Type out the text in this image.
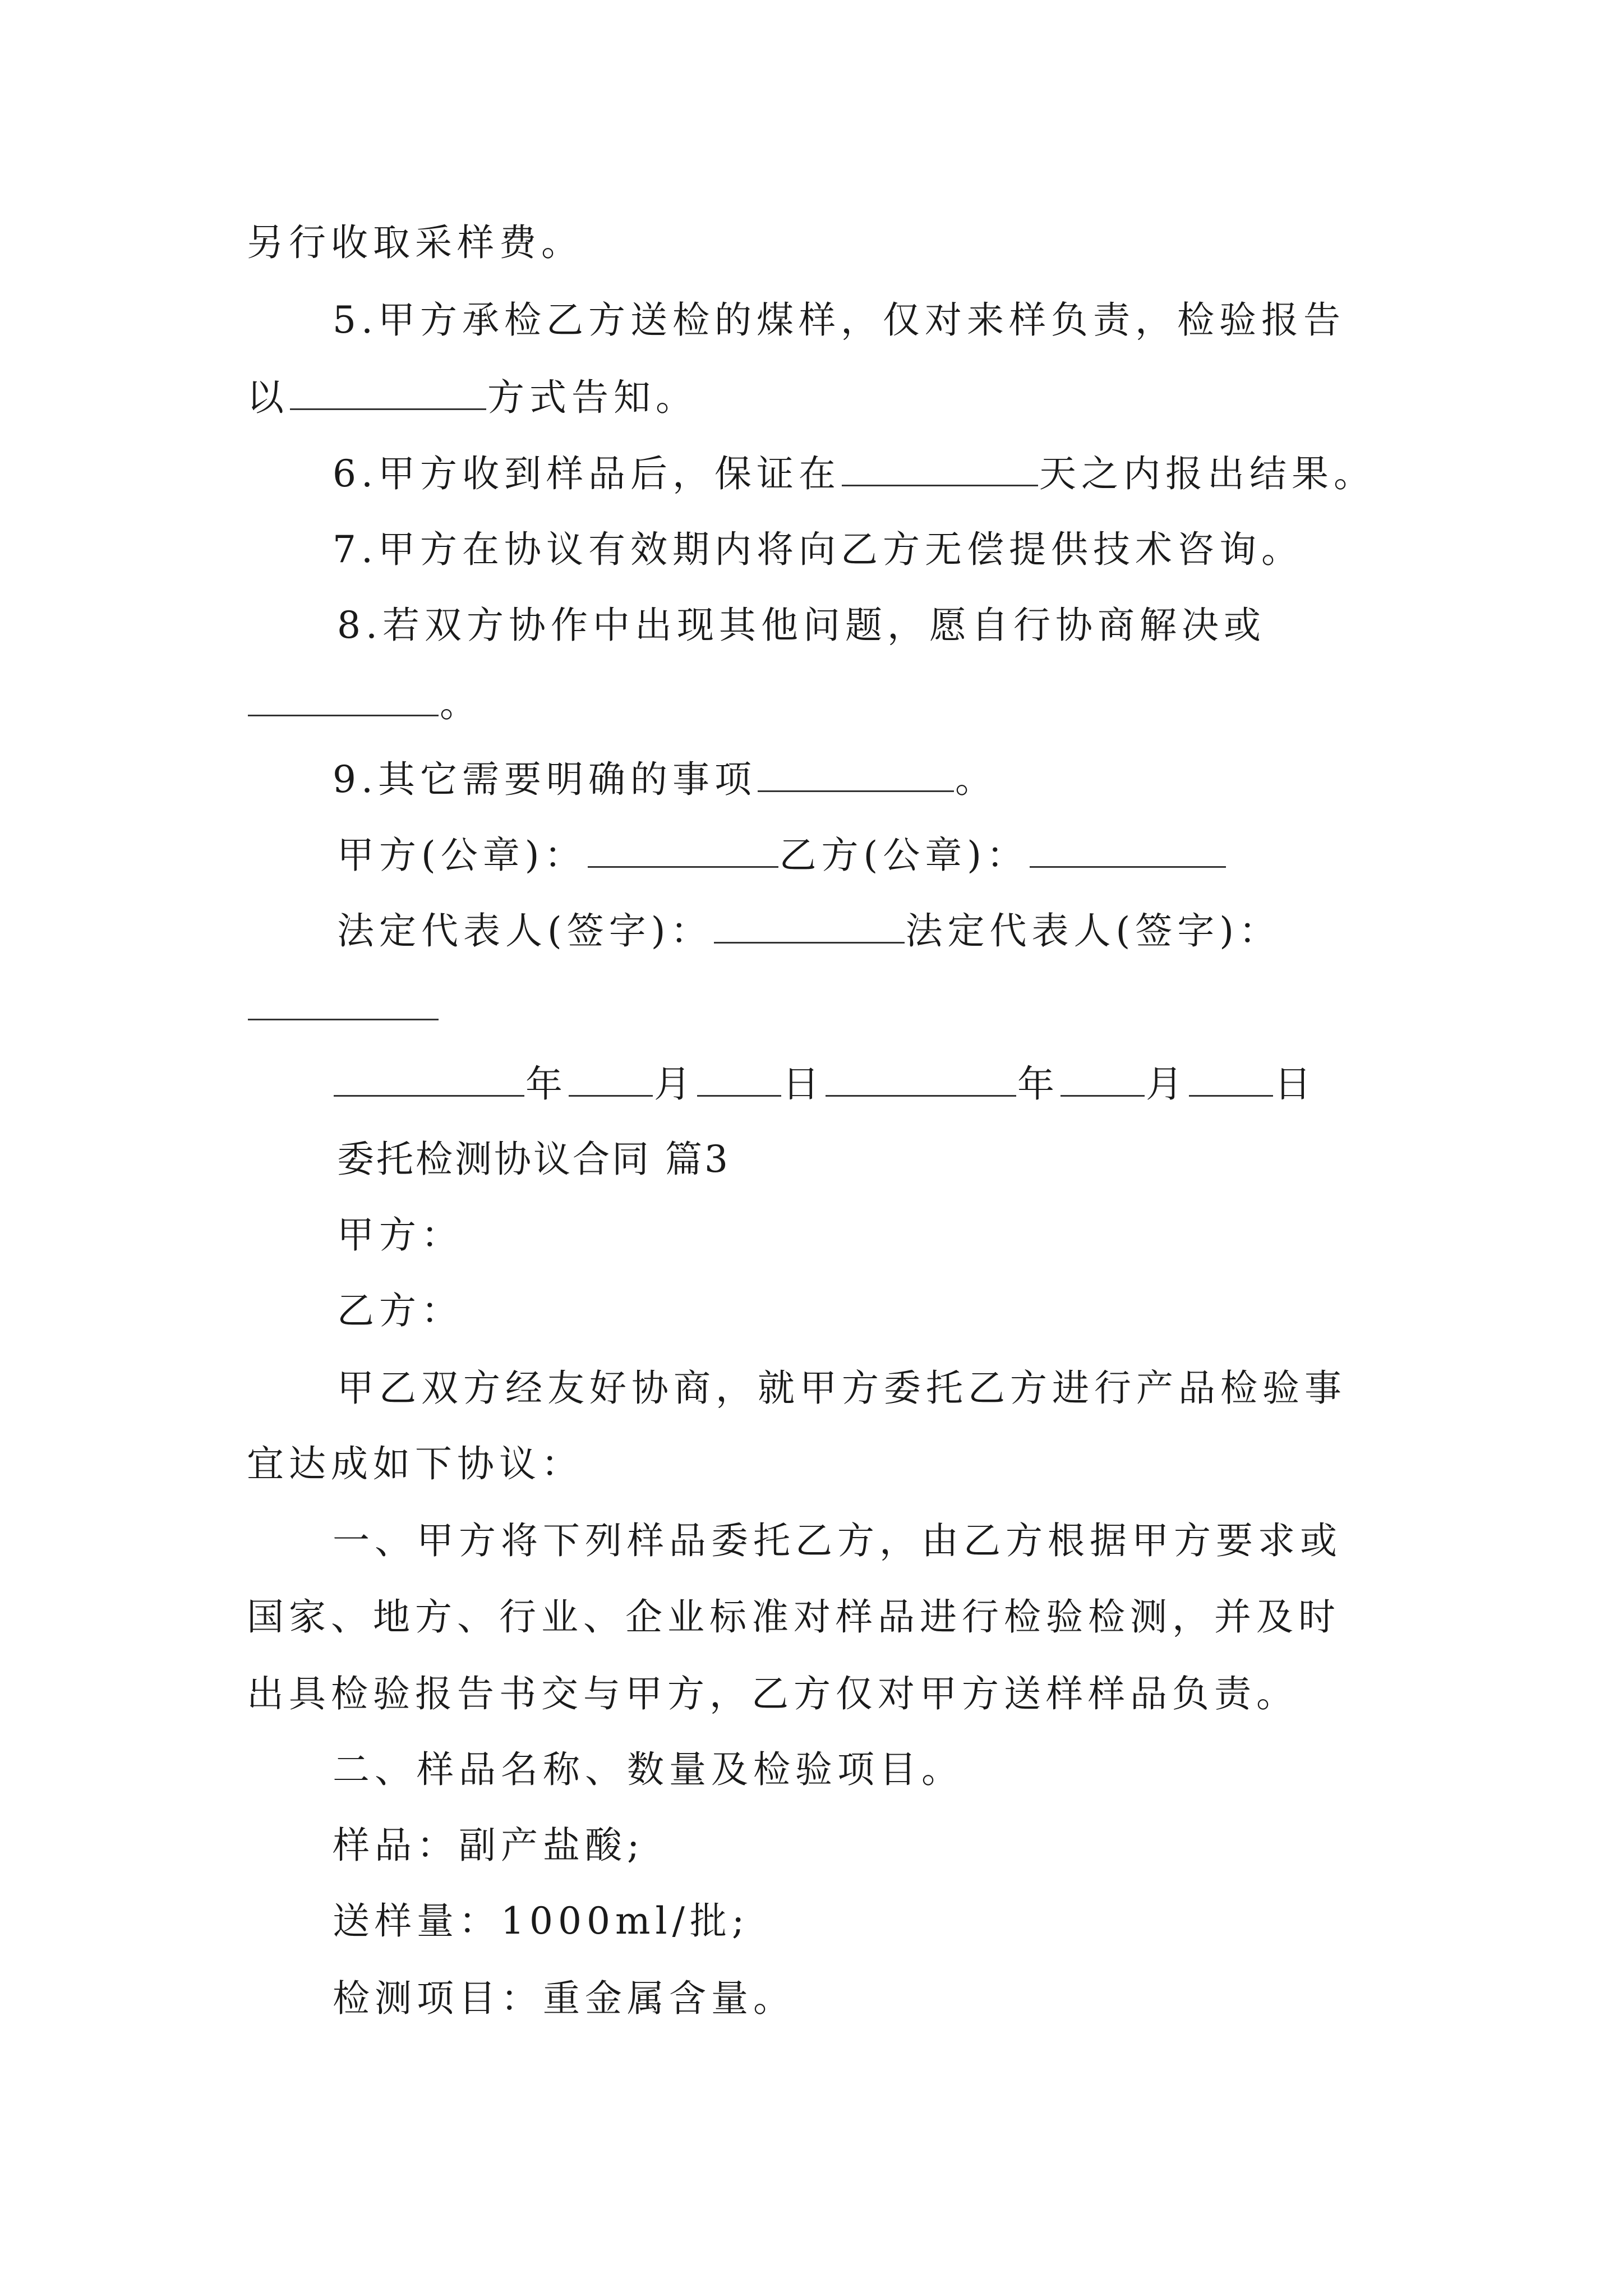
另行收取采样费。
5.甲方承检乙方送检的煤样，仅对来样负责，检验报告
以	方式告知。
6.甲方收到样品后，保证在	天之内报出结果。
7.甲方在协议有效期内将向乙方无偿提供技术咨询。
8.若双方协作中出现其他问题，愿自行协商解决或
。
9.其它需要明确的事项	。
甲方(公章)：	乙方(公章)：
法定代表人(签字)：	法定代表人(签字)：
年 月 日	年 月 日
委托检测协议合同 篇3
甲方：
乙方：
甲乙双方经友好协商，就甲方委托乙方进行产品检验事
宜达成如下协议：
一、甲方将下列样品委托乙方，由乙方根据甲方要求或
国家、地方、行业、企业标准对样品进行检验检测，并及时
出具检验报告书交与甲方，乙方仅对甲方送样样品负责。
二、样品名称、数量及检验项目。
样品：副产盐酸;
送样量：1000ml/批;
检测项目：重金属含量。
